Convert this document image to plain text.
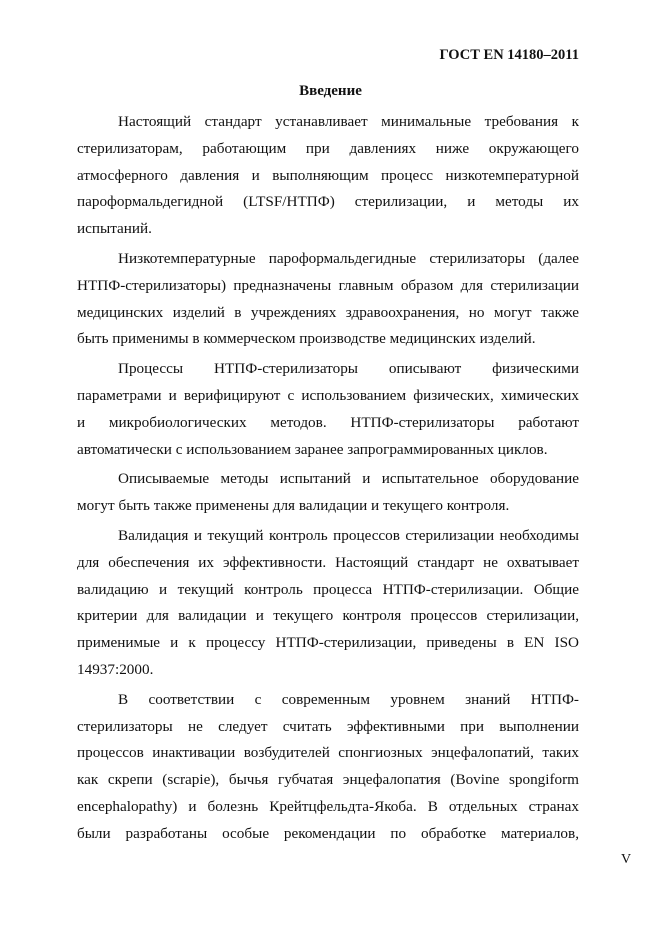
ГОСТ EN 14180–2011
Введение
Настоящий стандарт устанавливает минимальные требования к
стерилизаторам, работающим при давлениях ниже окружающего
атмосферного давления и выполняющим процесс низкотемпературной
пароформальдегидной (LTSF/НТПФ) стерилизации, и методы их
испытаний.
Низкотемпературные пароформальдегидные стерилизаторы (далее
НТПФ-стерилизаторы) предназначены главным образом для стерилизации
медицинских изделий в учреждениях здравоохранения, но могут также
быть применимы в коммерческом производстве медицинских изделий.
Процессы НТПФ-стерилизаторы описывают физическими
параметрами и верифицируют с использованием физических, химических
и микробиологических методов. НТПФ-стерилизаторы работают
автоматически с использованием заранее запрограммированных циклов.
Описываемые методы испытаний и испытательное оборудование
могут быть также применены для валидации и текущего контроля.
Валидация и текущий контроль процессов стерилизации необходимы
для обеспечения их эффективности. Настоящий стандарт не охватывает
валидацию и текущий контроль процесса НТПФ-стерилизации. Общие
критерии для валидации и текущего контроля процессов стерилизации,
применимые и к процессу НТПФ-стерилизации, приведены в EN ISO
14937:2000.
В соответствии с современным уровнем знаний НТПФ-
стерилизаторы не следует считать эффективными при выполнении
процессов инактивации возбудителей спонгиозных энцефалопатий, таких
как скрепи (scrapie), бычья губчатая энцефалопатия (Bovine spongiform
encephalopathy) и болезнь Крейтцфельдта-Якоба. В отдельных странах
были разработаны особые рекомендации по обработке материалов,
V
